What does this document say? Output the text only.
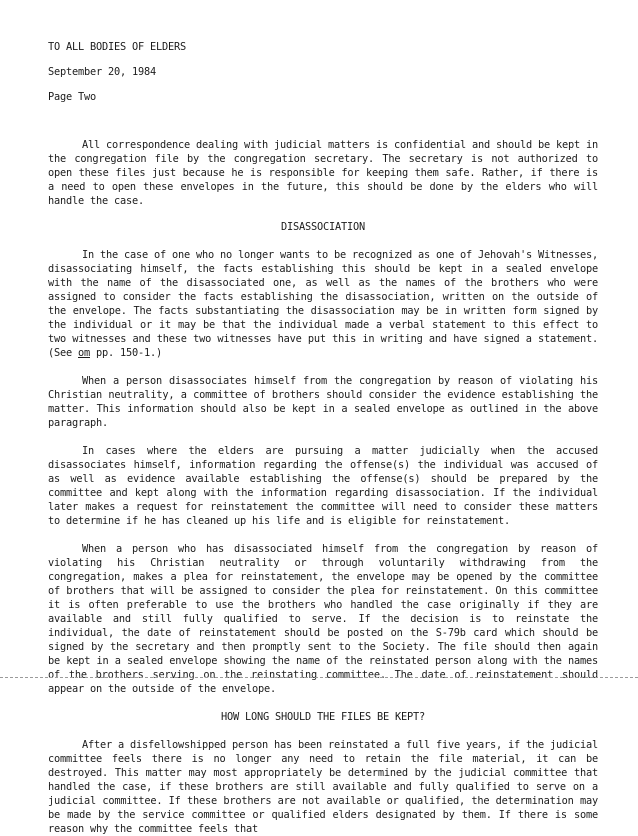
TO ALL BODIES OF ELDERS

September 20, 1984

Page Two

All correspondence dealing with judicial matters is confidential and should be kept in the congregation file by the congregation secretary. The secretary is not authorized to open these files just because he is responsible for keeping them safe. Rather, if there is a need to open these envelopes in the future, this should be done by the elders who will handle the case.

DISASSOCIATION

In the case of one who no longer wants to be recognized as one of Jehovah's Witnesses, disassociating himself, the facts establishing this should be kept in a sealed envelope with the name of the disassociated one, as well as the names of the brothers who were assigned to consider the facts establishing the disassociation, written on the outside of the envelope. The facts substantiating the disassociation may be in written form signed by the individual or it may be that the individual made a verbal statement to this effect to two witnesses and these two witnesses have put this in writing and have signed a statement. (See om pp. 150-1.)

When a person disassociates himself from the congregation by reason of violating his Christian neutrality, a committee of brothers should consider the evidence establishing the matter. This information should also be kept in a sealed envelope as outlined in the above paragraph.

In cases where the elders are pursuing a matter judicially when the accused disassociates himself, information regarding the offense(s) the individual was accused of as well as evidence available establishing the offense(s) should be prepared by the committee and kept along with the information regarding disassociation. If the individual later makes a request for reinstatement the committee will need to consider these matters to determine if he has cleaned up his life and is eligible for reinstatement.

When a person who has disassociated himself from the congregation by reason of violating his Christian neutrality or through voluntarily withdrawing from the congregation, makes a plea for reinstatement, the envelope may be opened by the committee of brothers that will be assigned to consider the plea for reinstatement. On this committee it is often preferable to use the brothers who handled the case originally if they are available and still fully qualified to serve. If the decision is to reinstate the individual, the date of reinstatement should be posted on the S-79b card which should be signed by the secretary and then promptly sent to the Society. The file should then again be kept in a sealed envelope showing the name of the reinstated person along with the names of the brothers serving on the reinstating committee. The date of reinstatement should appear on the outside of the envelope.

HOW LONG SHOULD THE FILES BE KEPT?

After a disfellowshipped person has been reinstated a full five years, if the judicial committee feels there is no longer any need to retain the file material, it can be destroyed. This matter may most appropriately be determined by the judicial committee that handled the case, if these brothers are still available and fully qualified to serve on a judicial committee. If these brothers are not available or qualified, the determination may be made by the service committee or qualified elders designated by them. If there is some reason why the committee feels that
